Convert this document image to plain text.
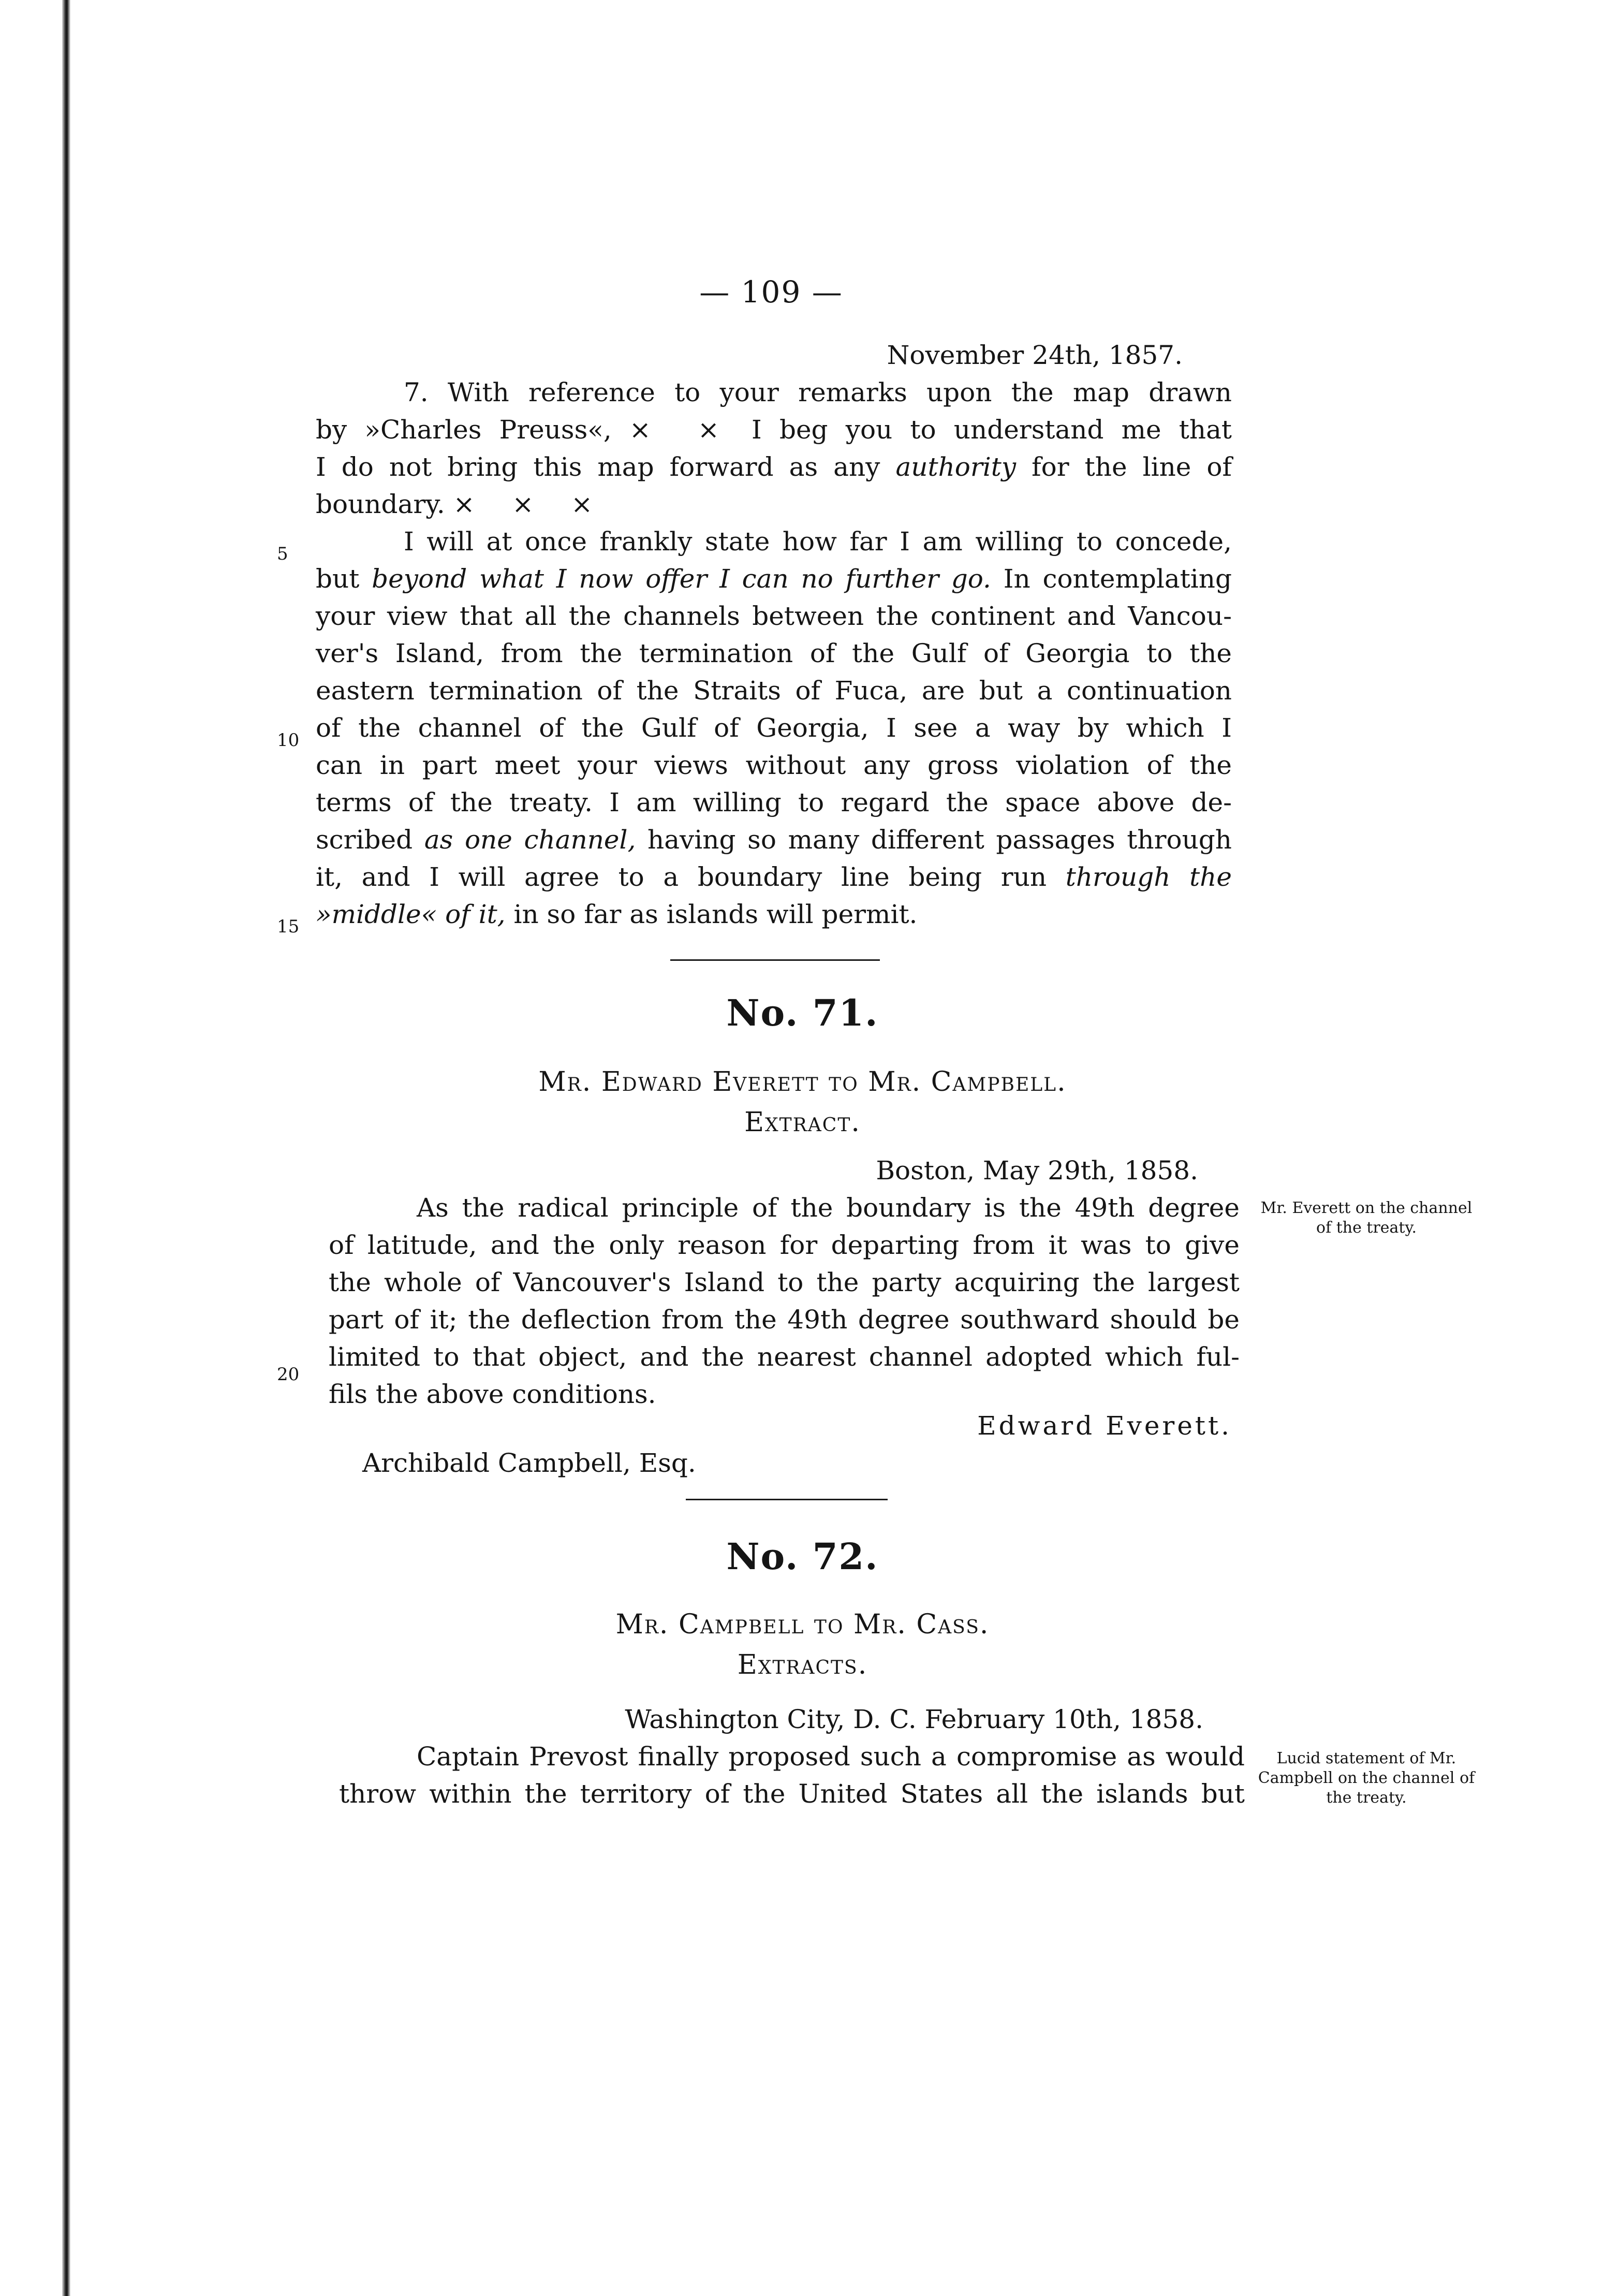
— 109 —
November 24th, 1857.
7. With reference to your remarks upon the map drawn
by »Charles Preuss«, × × I beg you to understand me that
I do not bring this map forward as any authority for the line of
boundary. × × ×
I will at once frankly state how far I am willing to concede,
but beyond what I now offer I can no further go. In contemplating
your view that all the channels between the continent and Vancou-
ver's Island, from the termination of the Gulf of Georgia to the
eastern termination of the Straits of Fuca, are but a continuation
of the channel of the Gulf of Georgia, I see a way by which I
can in part meet your views without any gross violation of the
terms of the treaty. I am willing to regard the space above de-
scribed as one channel, having so many different passages through
it, and I will agree to a boundary line being run through the
»middle« of it, in so far as islands will permit.
5
10
15
20
No. 71.
Mr. Edward Everett to Mr. Campbell.
Extract.
Boston, May 29th, 1858.
As the radical principle of the boundary is the 49th degree
of latitude, and the only reason for departing from it was to give
the whole of Vancouver's Island to the party acquiring the largest
part of it; the deflection from the 49th degree southward should be
limited to that object, and the nearest channel adopted which ful-
fils the above conditions.
Mr. Everett on the channel of the treaty.
Edward Everett.
Archibald Campbell, Esq.
No. 72.
Mr. Campbell to Mr. Cass.
Extracts.
Washington City, D. C. February 10th, 1858.
Captain Prevost finally proposed such a compromise as would
throw within the territory of the United States all the islands but
Lucid statement of Mr. Campbell on the channel of the treaty.
